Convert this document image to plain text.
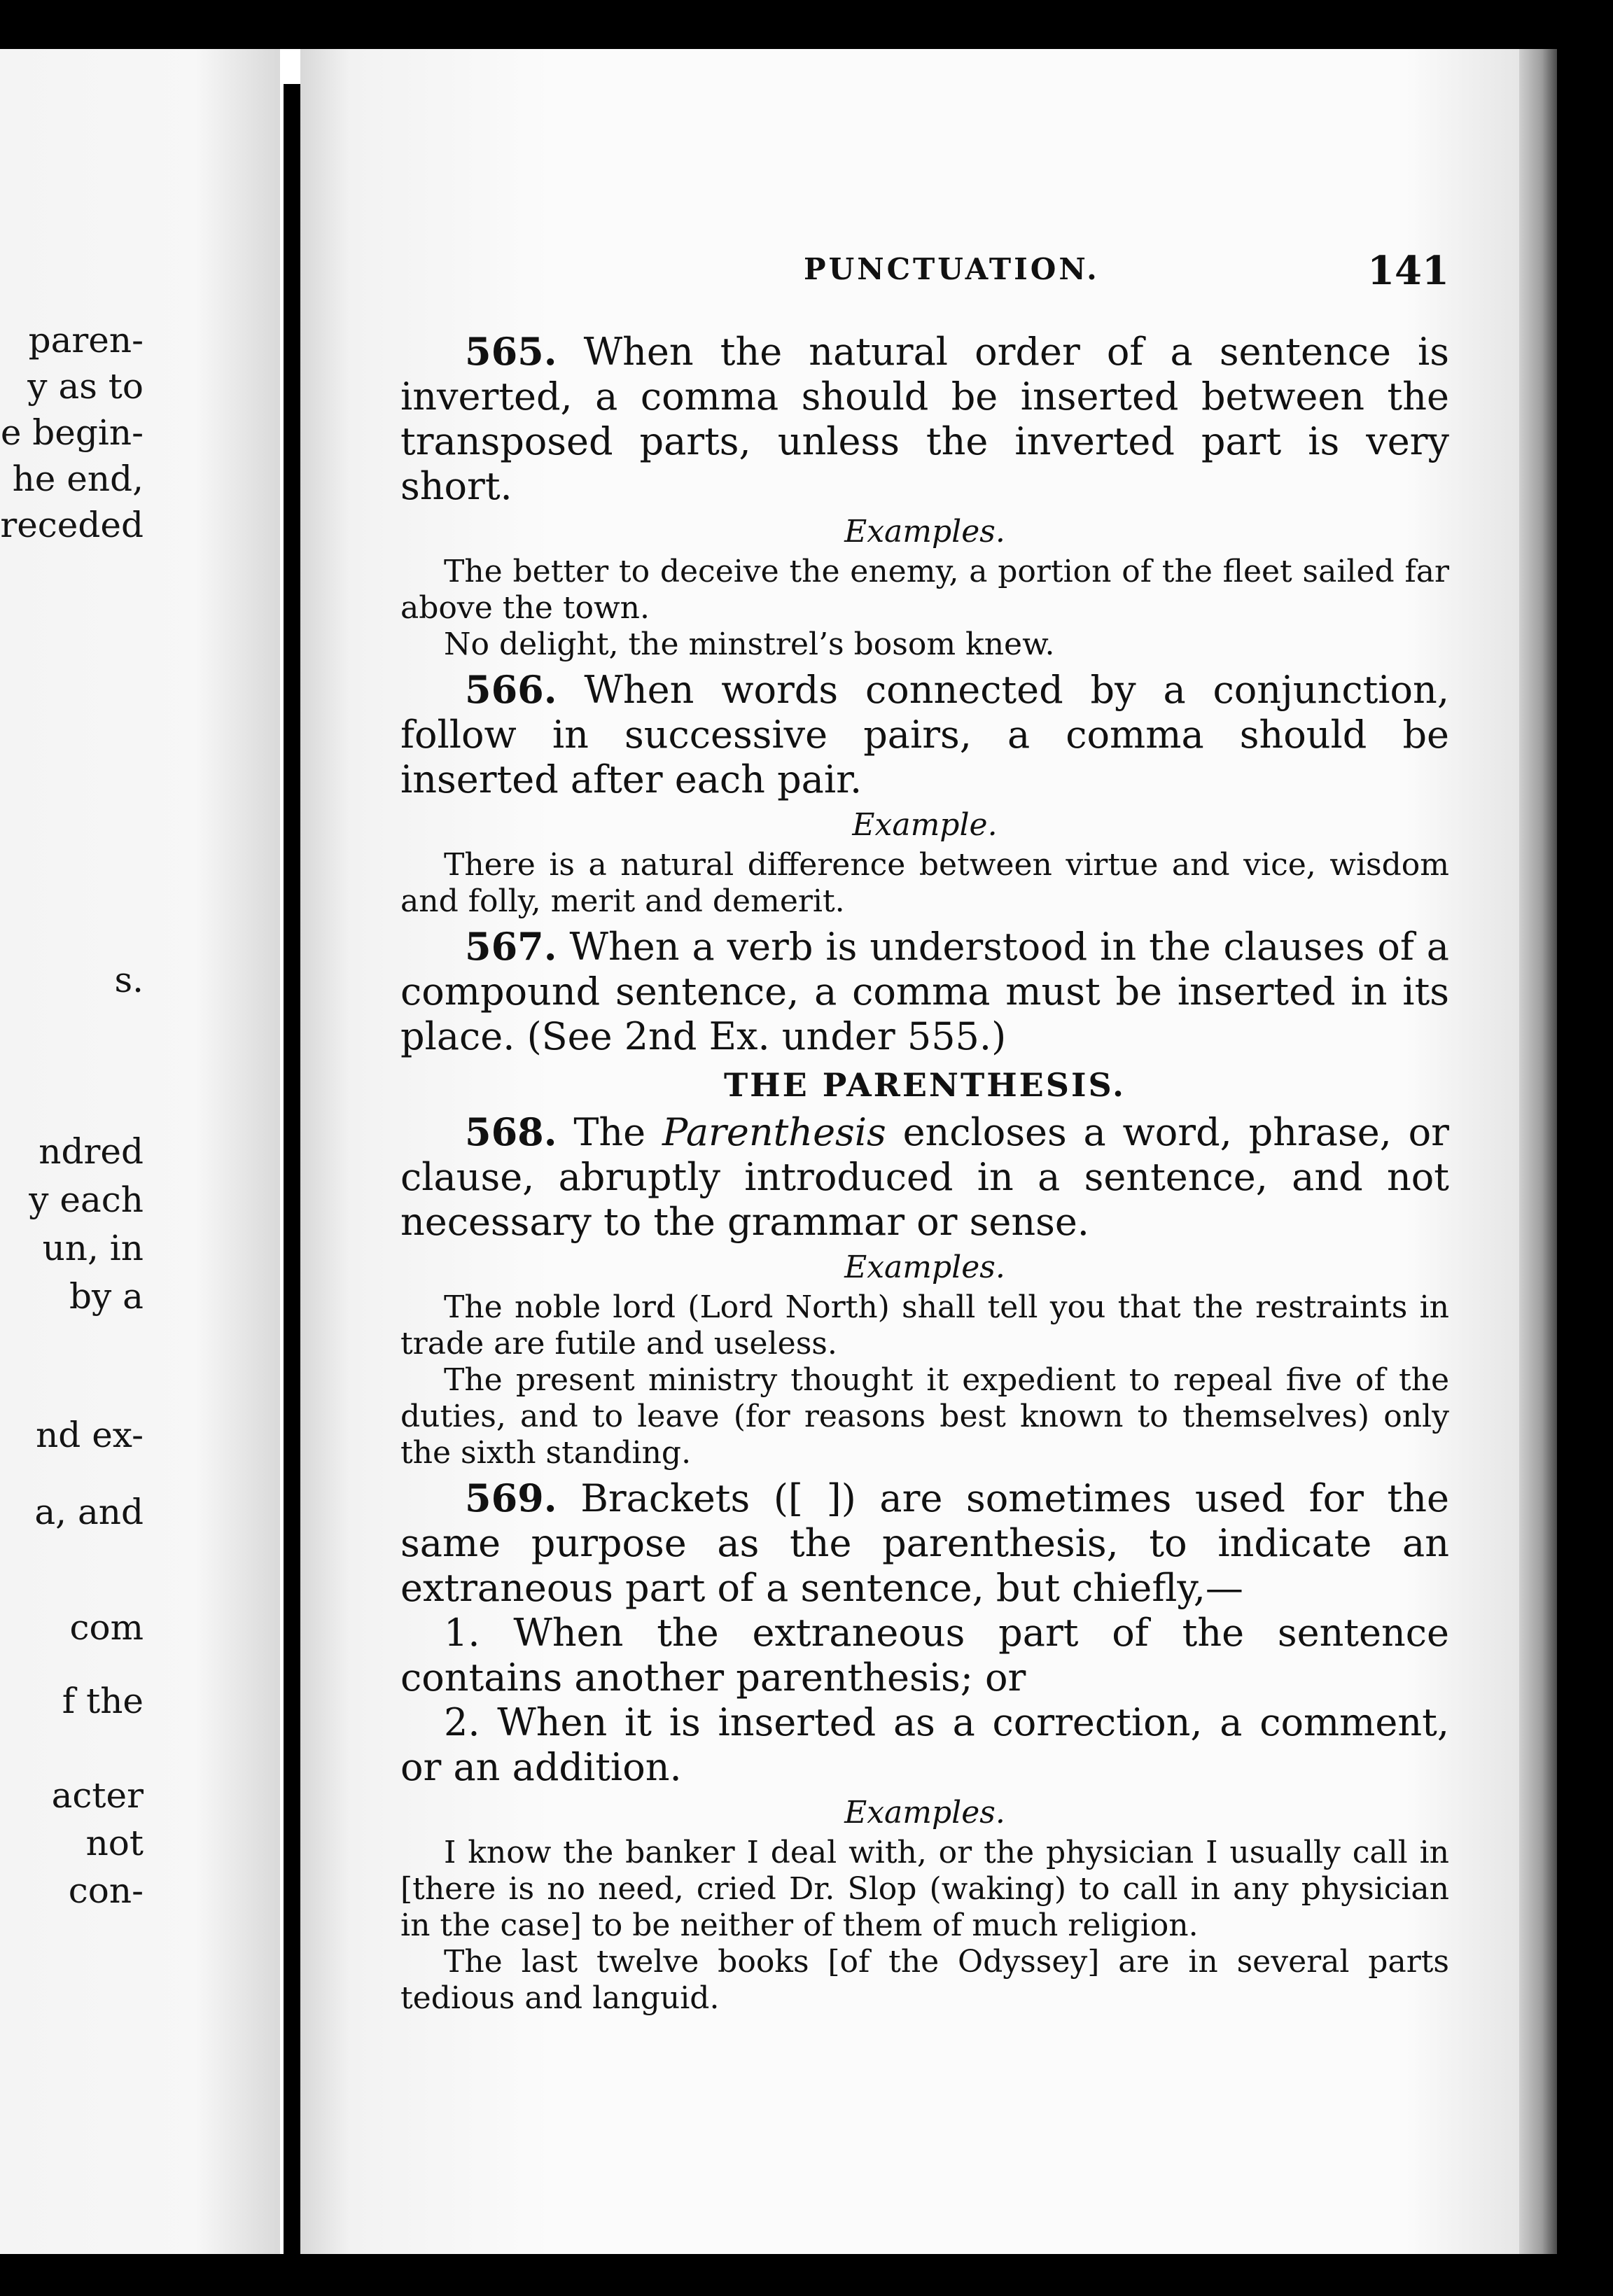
paren-
y as to
e begin-
he end,
receded
s.
ndred
y each
un, in
by a
nd ex-
a, and
com
f the
acter
not
con-
PUNCTUATION.	141

565. When the natural order of a sentence is inverted, a comma should be inserted between the transposed parts, unless the inverted part is very short.

Examples.

The better to deceive the enemy, a portion of the fleet sailed far above the town.

No delight, the minstrel’s bosom knew.

566. When words connected by a conjunction, follow in successive pairs, a comma should be inserted after each pair.

Example.

There is a natural difference between virtue and vice, wisdom and folly, merit and demerit.

567. When a verb is understood in the clauses of a compound sentence, a comma must be inserted in its place. (See 2nd Ex. under 555.)

THE PARENTHESIS.

568. The Parenthesis encloses a word, phrase, or clause, abruptly introduced in a sentence, and not necessary to the grammar or sense.

Examples.

The noble lord (Lord North) shall tell you that the restraints in trade are futile and useless.

The present ministry thought it expedient to repeal five of the duties, and to leave (for reasons best known to themselves) only the sixth standing.

569. Brackets ([ ]) are sometimes used for the same purpose as the parenthesis, to indicate an extraneous part of a sentence, but chiefly,—

1. When the extraneous part of the sentence contains another parenthesis; or

2. When it is inserted as a correction, a comment, or an addition.

Examples.

I know the banker I deal with, or the physician I usually call in [there is no need, cried Dr. Slop (waking) to call in any physician in the case] to be neither of them of much religion.

The last twelve books [of the Odyssey] are in several parts tedious and languid.
